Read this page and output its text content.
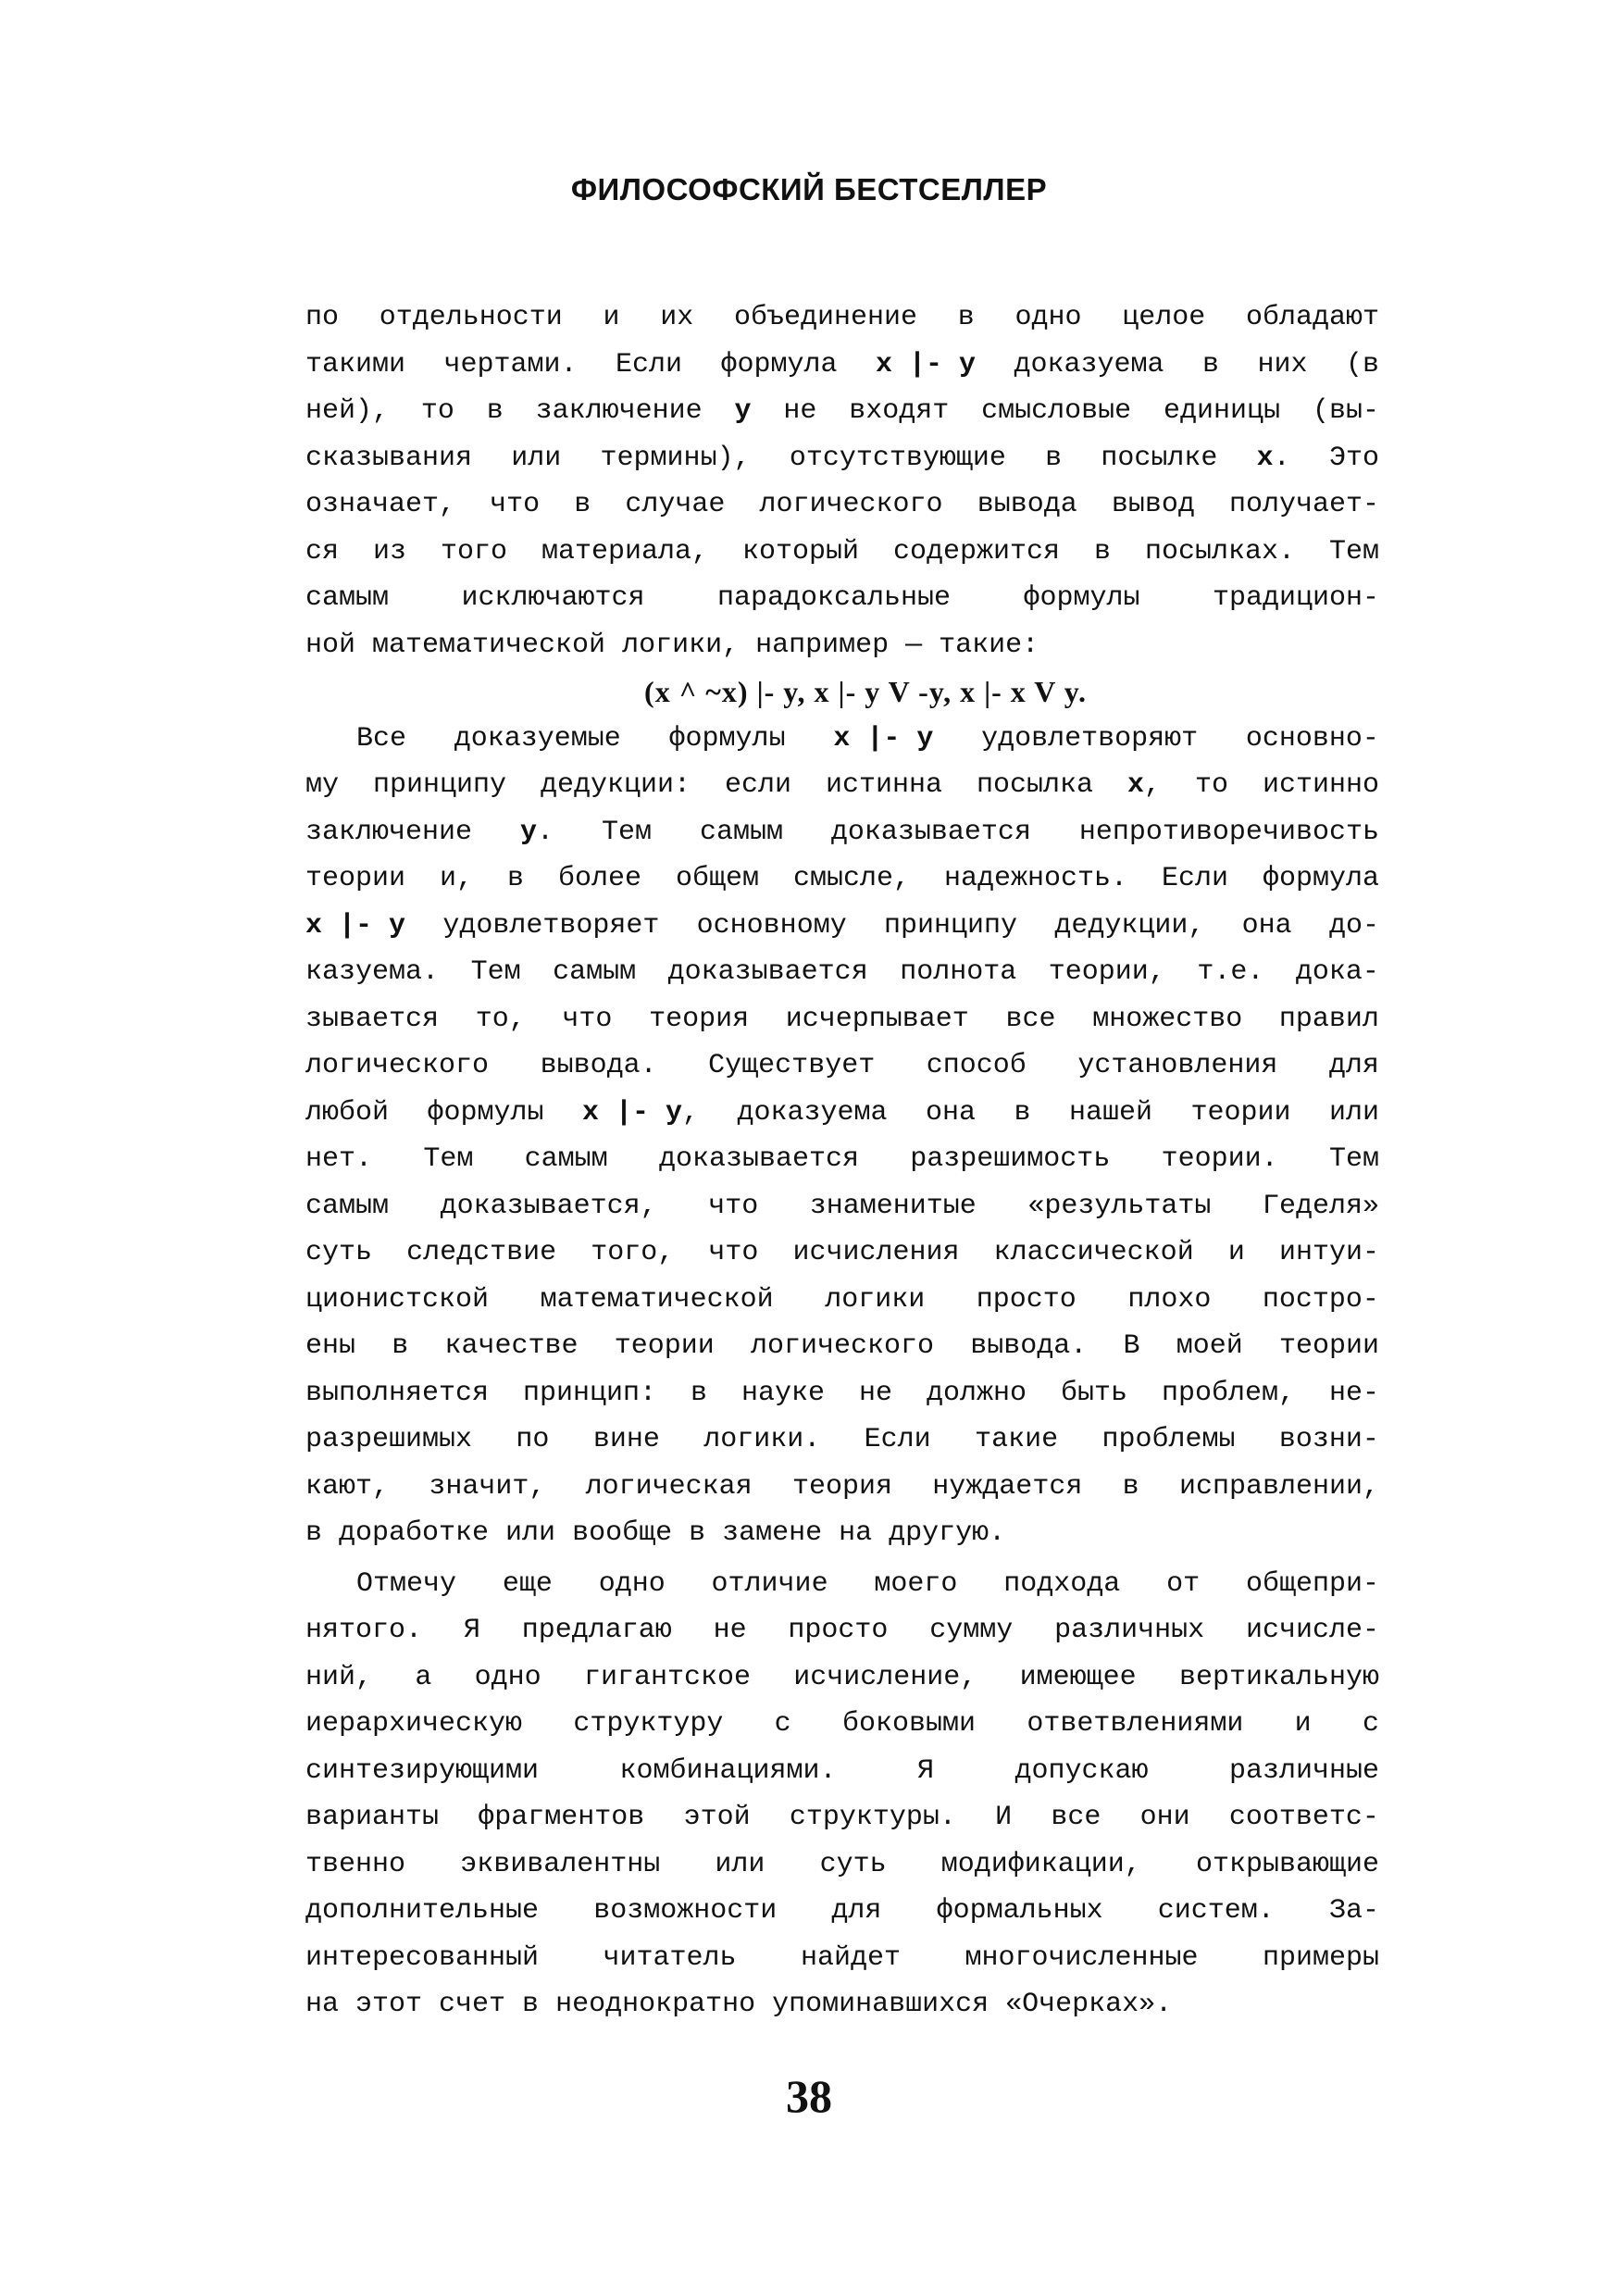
ФИЛОСОФСКИЙ БЕСТСЕЛЛЕР
по отдельности и их объединение в одно целое обладают
такими чертами. Если формула x |- y доказуема в них (в
ней), то в заключение y не входят смысловые единицы (вы-
сказывания или термины), отсутствующие в посылке x. Это
означает, что в случае логического вывода вывод получает-
ся из того материала, который содержится в посылках. Тем
самым	исключаются	парадоксальные	формулы	традицион-
ной математической логики, например — такие:
(x ^ ~x) |- y, x |- y V -y, x |- x V y.
Все доказуемые формулы x |- y удовлетворяют основно-
му принципу дедукции: если истинна посылка x, то истинно
заключение y. Тем самым доказывается непротиворечивость
теории и, в более общем смысле, надежность. Если формула
x |- y удовлетворяет основному принципу дедукции, она до-
казуема. Тем самым доказывается полнота теории, т.е. дока-
зывается то, что теория исчерпывает все множество правил
логического вывода. Существует способ установления для
любой формулы x |- y, доказуема она в нашей теории или
нет. Тем самым доказывается разрешимость теории. Тем
самым доказывается, что знаменитые «результаты Геделя»
суть следствие того, что исчисления классической и интуи-
ционистской математической логики просто плохо постро-
ены в качестве теории логического вывода. В моей теории
выполняется принцип: в науке не должно быть проблем, не-
разрешимых по вине логики. Если такие проблемы возни-
кают, значит, логическая теория нуждается в исправлении,
в доработке или вообще в замене на другую.
Отмечу еще одно отличие моего подхода от общепри-
нятого. Я предлагаю не просто сумму различных исчисле-
ний, а одно гигантское исчисление, имеющее вертикальную
иерархическую структуру с боковыми ответвлениями и с
синтезирующими	комбинациями.	Я	допускаю	различные
варианты фрагментов этой структуры. И все они соответс-
твенно эквивалентны или суть модификации, открывающие
дополнительные возможности для формальных систем. За-
интересованный читатель найдет многочисленные примеры
на этот счет в неоднократно упоминавшихся «Очерках».
38
